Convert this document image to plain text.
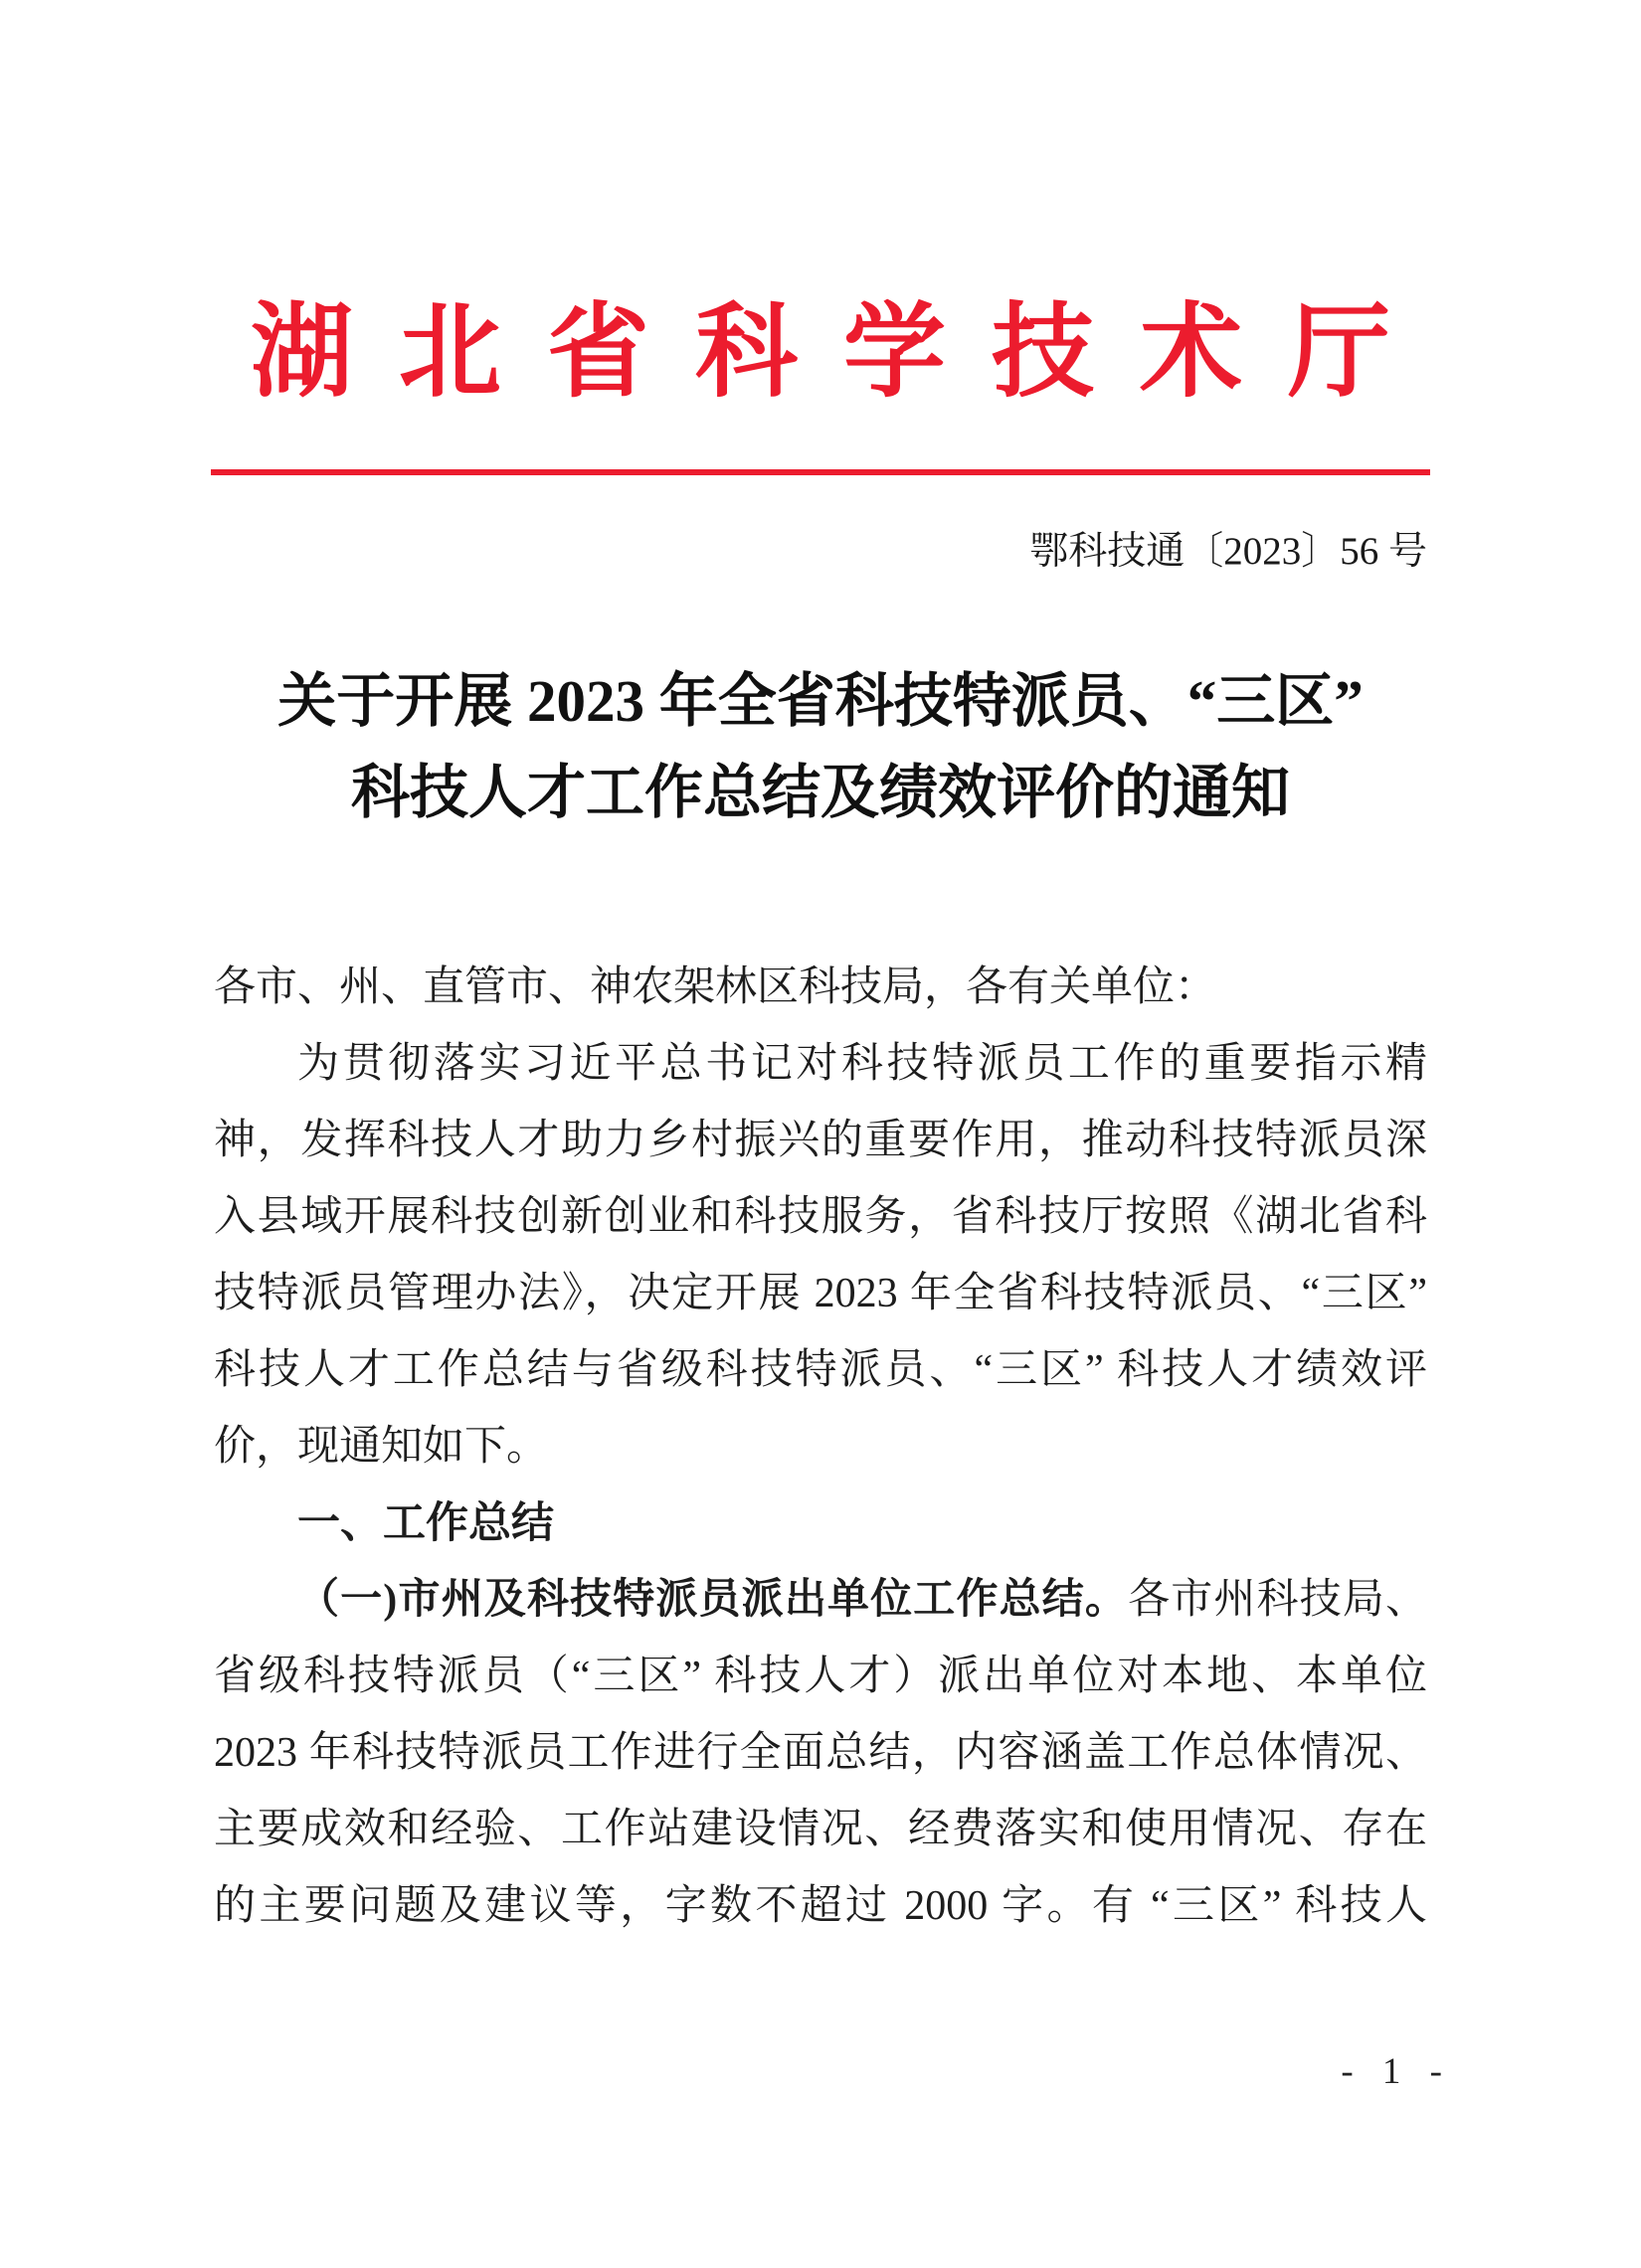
湖北省科学技术厅
鄂科技通〔2023〕56 号
关于开展 2023 年全省科技特派员、“三区”
科技人才工作总结及绩效评价的通知
各市、州、直管市、神农架林区科技局，各有关单位：
为贯彻落实习近平总书记对科技特派员工作的重要指示精
神，发挥科技人才助力乡村振兴的重要作用，推动科技特派员深
入县域开展科技创新创业和科技服务，省科技厅按照《湖北省科
技特派员管理办法》，决定开展 2023 年全省科技特派员、“三区”
科技人才工作总结与省级科技特派员、“三区” 科技人才绩效评
价，现通知如下。
一、工作总结
（一)市州及科技特派员派出单位工作总结。各市州科技局、
省级科技特派员（“三区” 科技人才）派出单位对本地、本单位
2023 年科技特派员工作进行全面总结，内容涵盖工作总体情况、
主要成效和经验、工作站建设情况、经费落实和使用情况、存在
的主要问题及建议等，字数不超过 2000 字。有 “三区” 科技人
- 1 -
